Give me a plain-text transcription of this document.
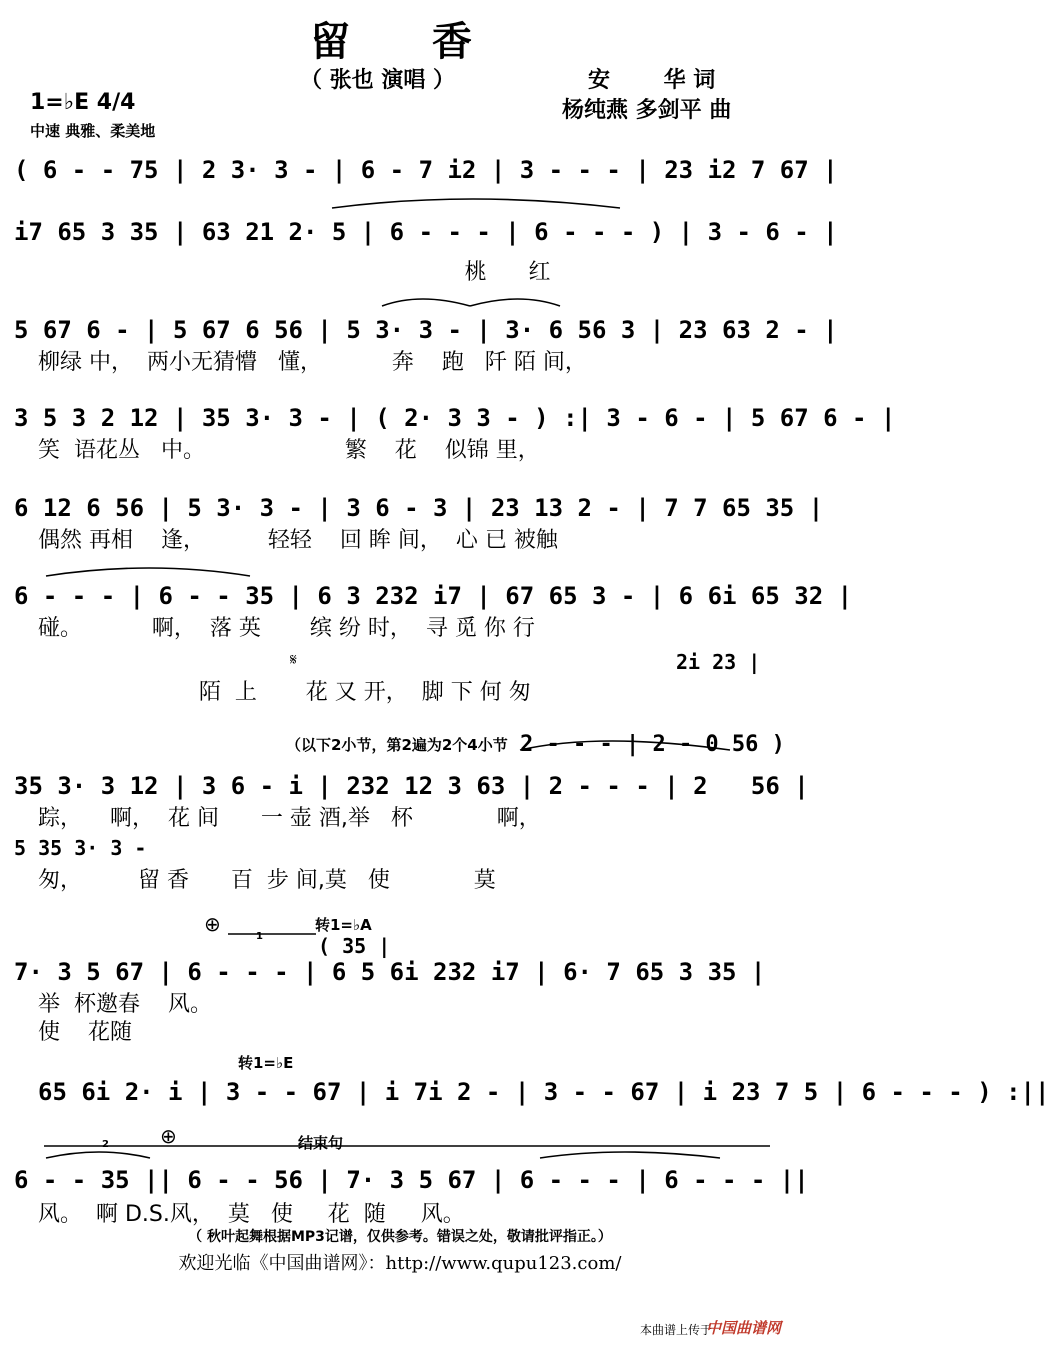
留  香
（ 张也 演唱 ）	安       华 词
杨纯燕 多剑平 曲
1=♭E 4/4
中速 典雅、柔美地
( 6 - - 75 | 2 3· 3 - | 6 - 7 i2 | 3 - - - | 23 i2 7 67 |
i7 65 3 35 | 63 21 2· 5 | 6 - - - | 6 - - - ) | 3 - 6 - |
桃      红
5 67 6 - | 5 67 6 56 | 5 3· 3 - | 3· 6 56 3 | 23 63 2 - |
柳绿 中，  两小无猜懵   懂，          奔    跑   阡 陌 间，
3 5 3 2 12 | 35 3· 3 - | ( 2· 3 3 - ) :| 3 - 6 - | 5 67 6 - |
笑  语花丛   中。                    繁    花    似锦 里，
6 12 6 56 | 5 3· 3 - | 3 6 - 3 | 23 13 2 - | 7 7 65 35 |
偶然 再相    逢，         轻轻    回 眸 间，  心 已 被触
6 - - - | 6 - - 35 | 6 3 232 i7 | 67 65 3 - | 6 6i 65 32 |
碰。          啊，  落 英       缤 纷 时，  寻 觅 你 行
𝄋	2i 23 |
陌  上       花 又 开，  脚 下 何 匆
（以下2小节，第2遍为2个4小节 2 - - - | 2 - 0 56 )
35 3· 3 12 | 3 6 - i | 232 12 3 63 | 2 - - - | 2   56 |
踪，    啊，  花 间      一 壶 酒,举   杯            啊，
5 35 3· 3 -
匆，        留 香      百  步 间,莫   使            莫
⊕
1
转1=♭A
( 35 |
7· 3 5 67 | 6 - - - | 6 5 6i 232 i7 | 6· 7 65 3 35 |
举  杯邀春    风。
使    花随
转1=♭E
65 6i 2· i | 3 - - 67 | i 7i 2 - | 3 - - 67 | i 23 7 5 | 6 - - - ) :||
2	⊕	结束句
6 - - 35 || 6 - - 56 | 7· 3 5 67 | 6 - - - | 6 - - - ||
风。  啊 D.S.风，  莫   使     花  随     风。
（ 秋叶起舞根据MP3记谱，仅供参考。错误之处，敬请批评指正。）
欢迎光临《中国曲谱网》：http://www.qupu123.com/
本曲谱上传于
中国曲谱网
